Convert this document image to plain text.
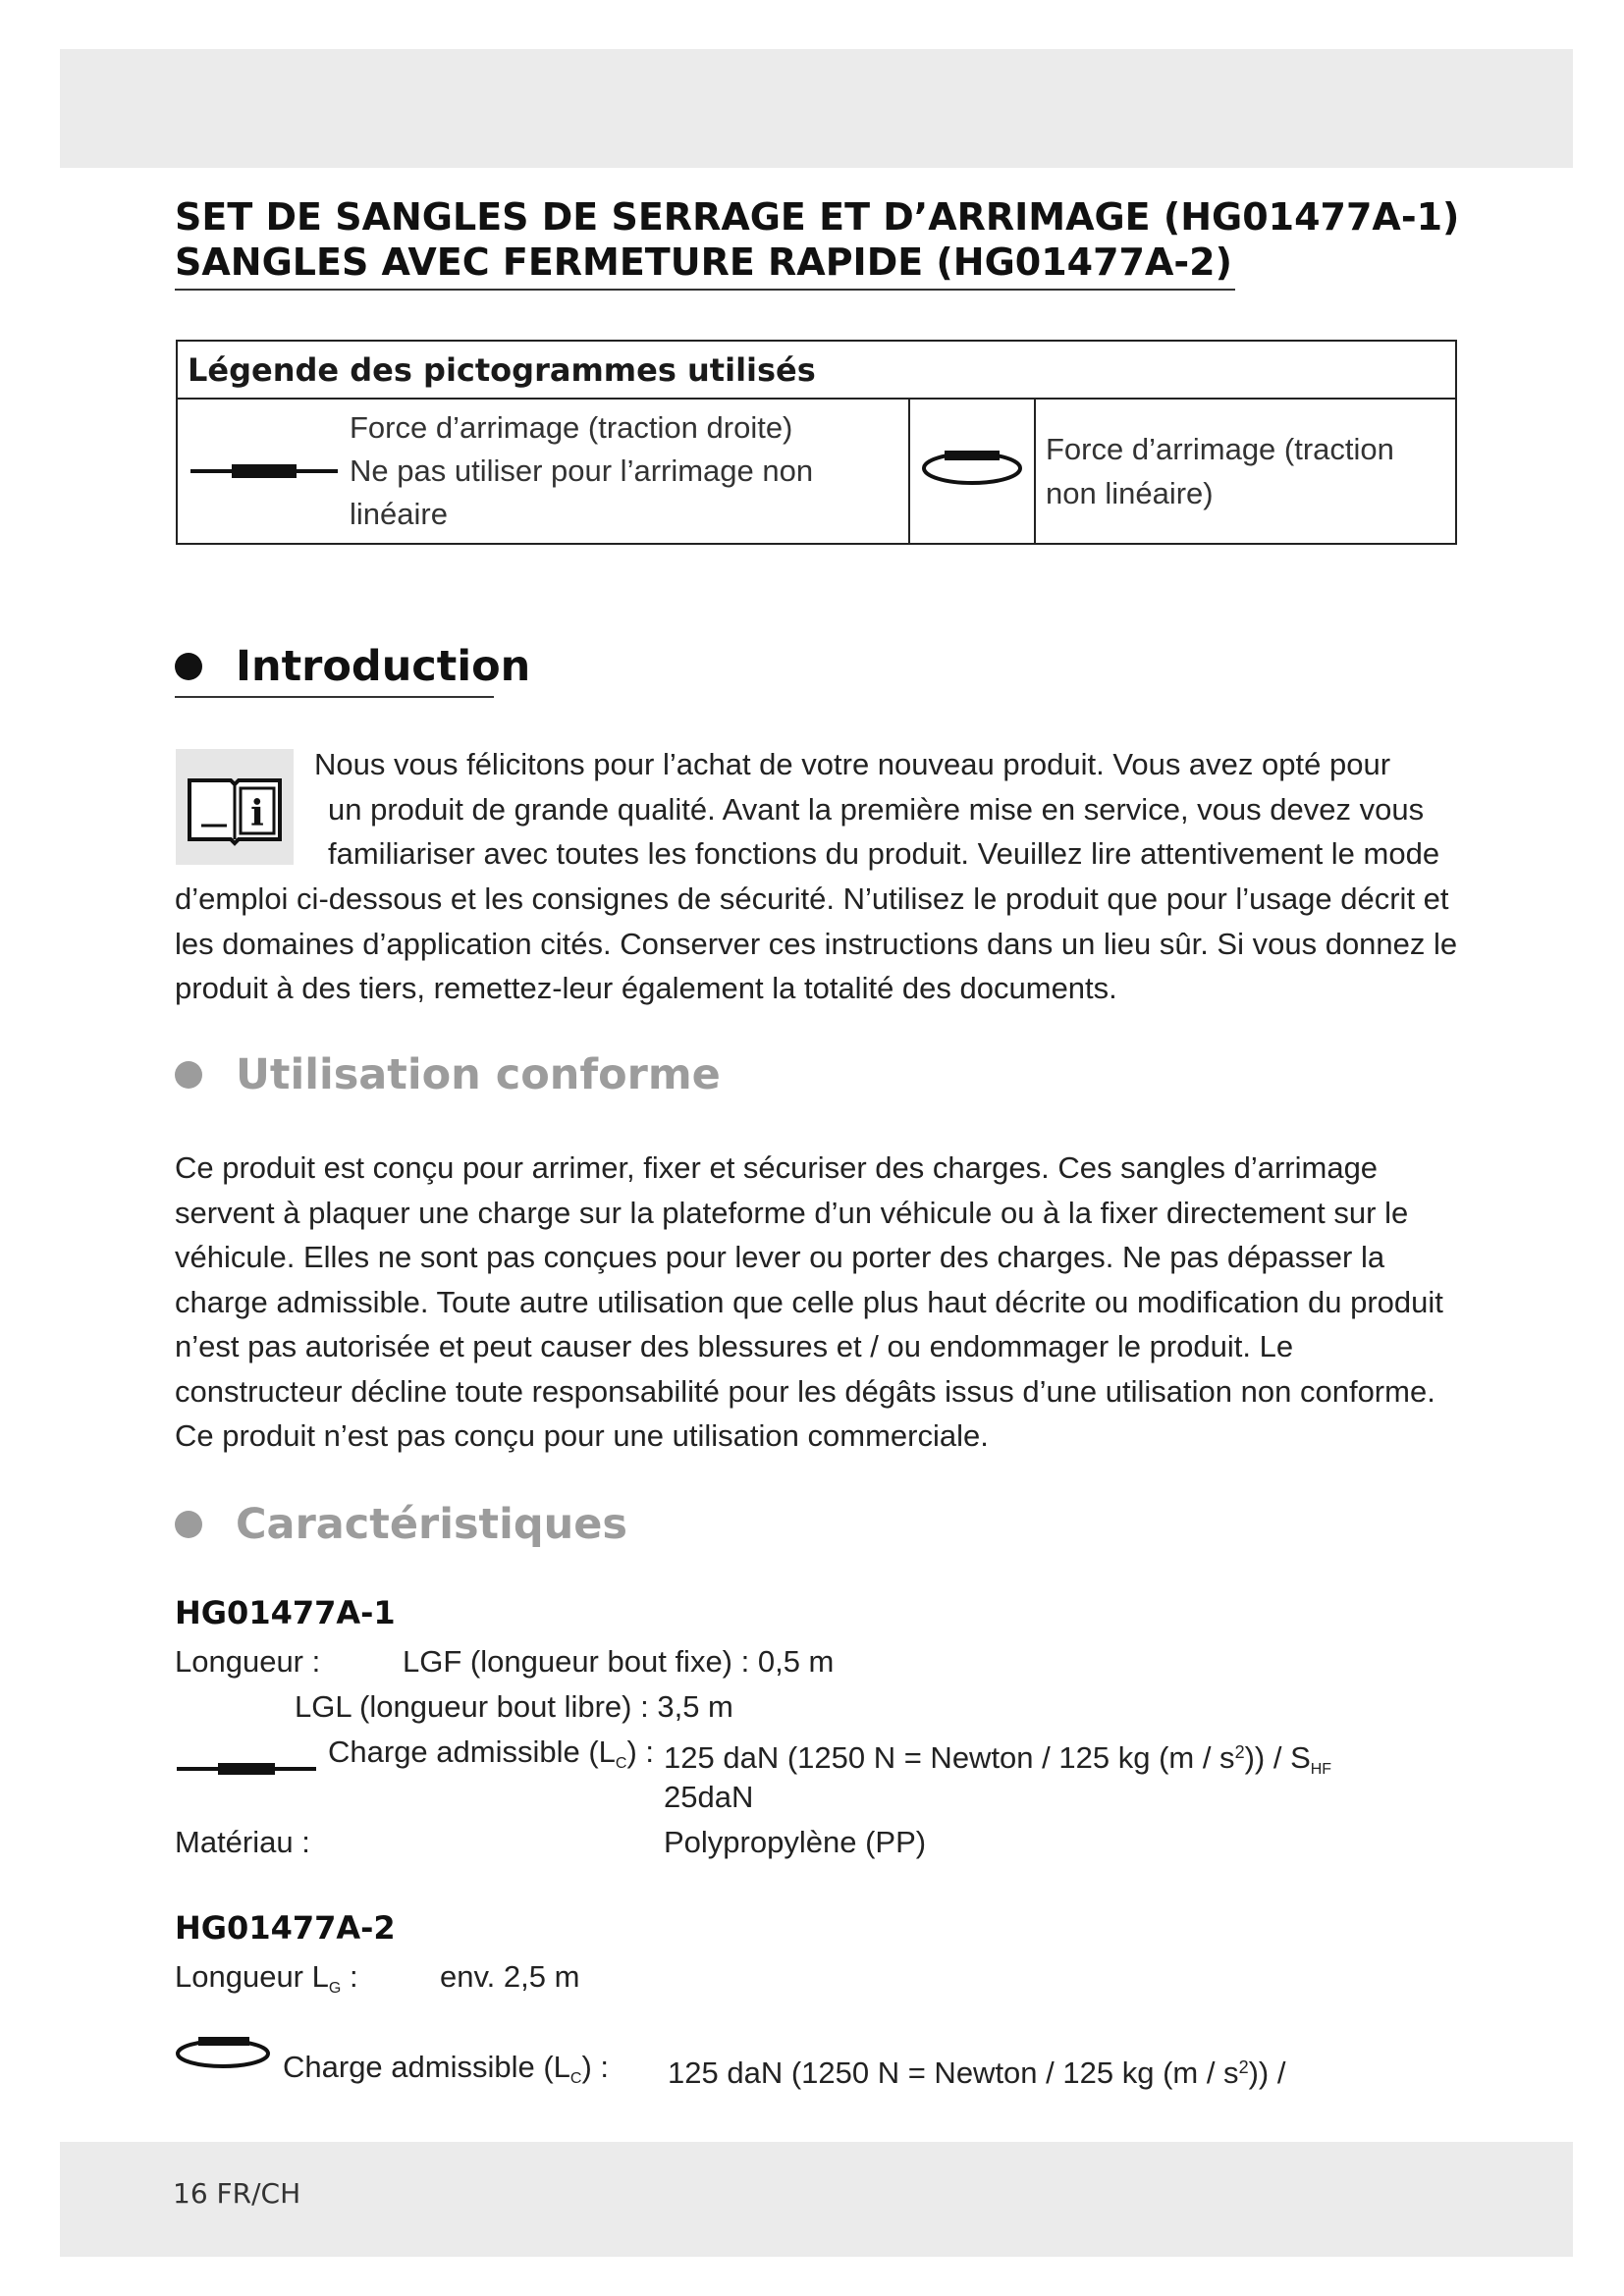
SET DE SANGLES DE SERRAGE ET D’ARRIMAGE (HG01477A-1)
SANGLES AVEC FERMETURE RAPIDE (HG01477A-2)
Légende des pictogrammes utilisés

Force d’arrimage (traction droite)
Ne pas utiliser pour l’arrimage non
linéaire

Force d’arrimage (traction
non linéaire)
Introduction
i
Nous vous félicitons pour l’achat de votre nouveau produit. Vous avez opté pour
un produit de grande qualité. Avant la première mise en service, vous devez vous
familiariser avec toutes les fonctions du produit. Veuillez lire attentivement le mode

d’emploi ci-dessous et les consignes de sécurité. N’utilisez le produit que pour l’usage décrit et les domaines d’application cités. Conserver ces instructions dans un lieu sûr. Si vous donnez le produit à des tiers, remettez-leur également la totalité des documents.

Utilisation conforme

Ce produit est conçu pour arrimer, fixer et sécuriser des charges. Ces sangles d’arrimage servent à plaquer une charge sur la plateforme d’un véhicule ou à la fixer directement sur le véhicule. Elles ne sont pas conçues pour lever ou porter des charges. Ne pas dépasser la charge admissible. Toute autre utilisation que celle plus haut décrite ou modification du produit n’est pas autorisée et peut causer des blessures et / ou endommager le produit. Le constructeur décline toute responsabilité pour les dégâts issus d’une utilisation non conforme. Ce produit n’est pas conçu pour une utilisation commerciale.

Caractéristiques
HG01477A-1
Longueur :	LGF (longueur bout fixe) : 0,5 m
LGL (longueur bout libre) : 3,5 m
Charge admissible $(L_C)$ : 125 daN (1250 N = Newton / 125 kg $(m / s^2)) / S_{HF}$
25daN
Matériau :	Polypropylène (PP)
HG01477A-2
Longueur $L_G$ :	env. 2,5 m
Charge admissible $(L_C)$ : 125 daN (1250 N = Newton / 125 kg $(m / s^2)$) /
16 FR/CH
